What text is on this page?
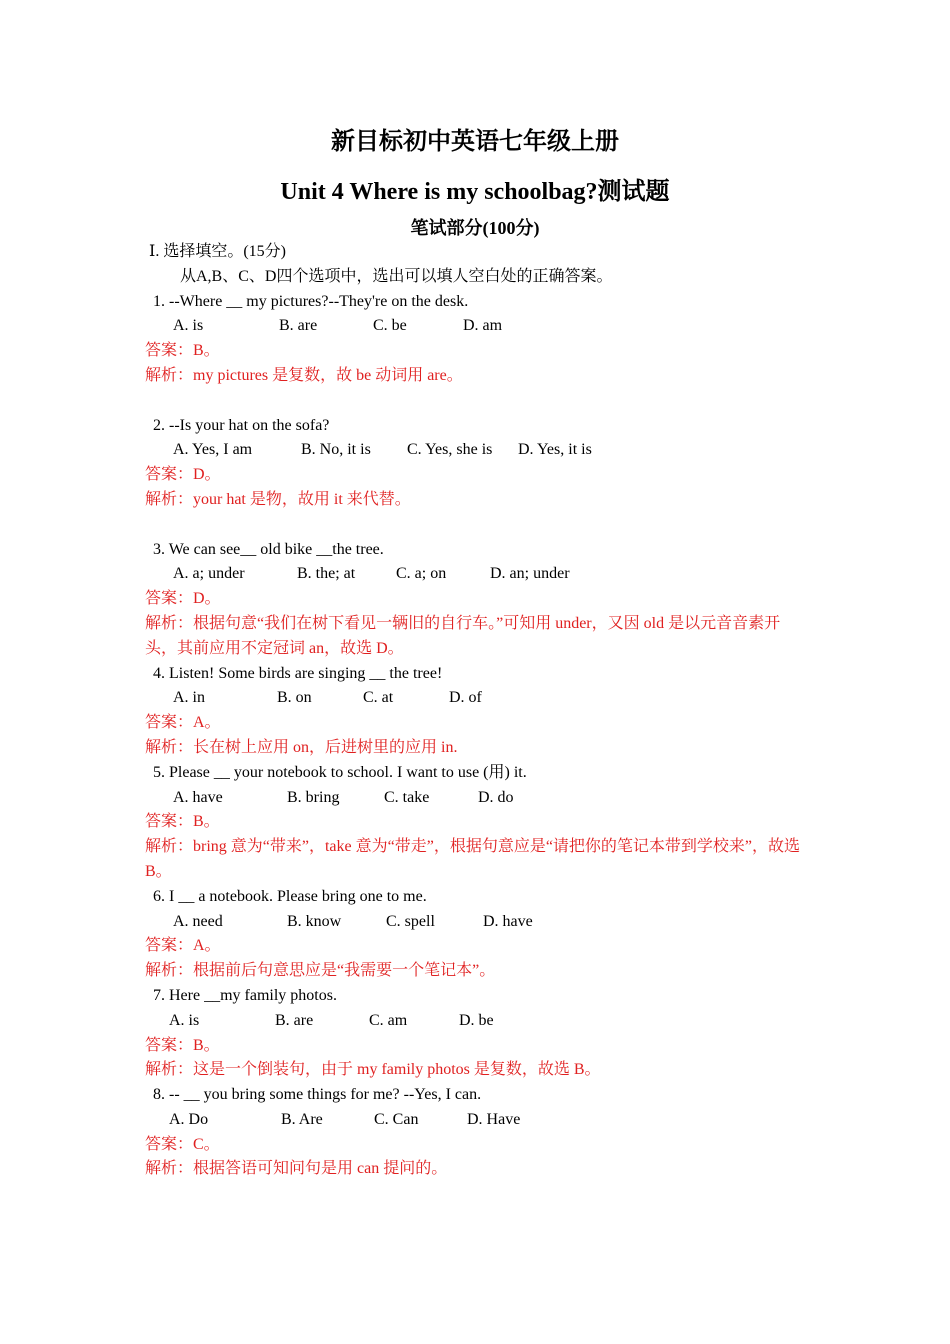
新目标初中英语七年级上册
Unit 4 Where is my schoolbag?测试题
笔试部分(100分)
Ⅰ. 选择填空。(15分)
从A,B、C、D四个选项中，选出可以填人空白处的正确答案。
1. --Where __ my pictures?--They're on the desk.
A. is	B. are	C. be	D. am
答案：B。
解析：my pictures 是复数，故 be 动词用 are。
2. --Is your hat on the sofa?
A. Yes, I am	B. No, it is	C. Yes, she is	D. Yes, it is
答案：D。
解析：your hat 是物，故用 it 来代替。
3. We can see__ old bike __the tree.
A. a; under	B. the; at	C. a; on	D. an; under
答案：D。
解析：根据句意“我们在树下看见一辆旧的自行车。”可知用 under，又因 old 是以元音音素开头，其前应用不定冠词 an，故选 D。
4. Listen! Some birds are singing __ the tree!
A. in	B. on	C. at	D. of
答案：A。
解析：长在树上应用 on，后进树里的应用 in.
5. Please __ your notebook to school. I want to use (用) it.
A. have	B. bring	C. take	D. do
答案：B。
解析：bring 意为“带来”，take 意为“带走”，根据句意应是“请把你的笔记本带到学校来”，故选 B。
6. I __ a notebook. Please bring one to me.
A. need	B. know	C. spell	D. have
答案：A。
解析：根据前后句意思应是“我需要一个笔记本”。
7. Here __my family photos.
A. is	B. are	C. am	D. be
答案：B。
解析：这是一个倒装句，由于 my family photos 是复数，故选 B。
8. -- __ you bring some things for me? --Yes, I can.
A. Do	B. Are	C. Can	D. Have
答案：C。
解析：根据答语可知问句是用 can 提问的。
